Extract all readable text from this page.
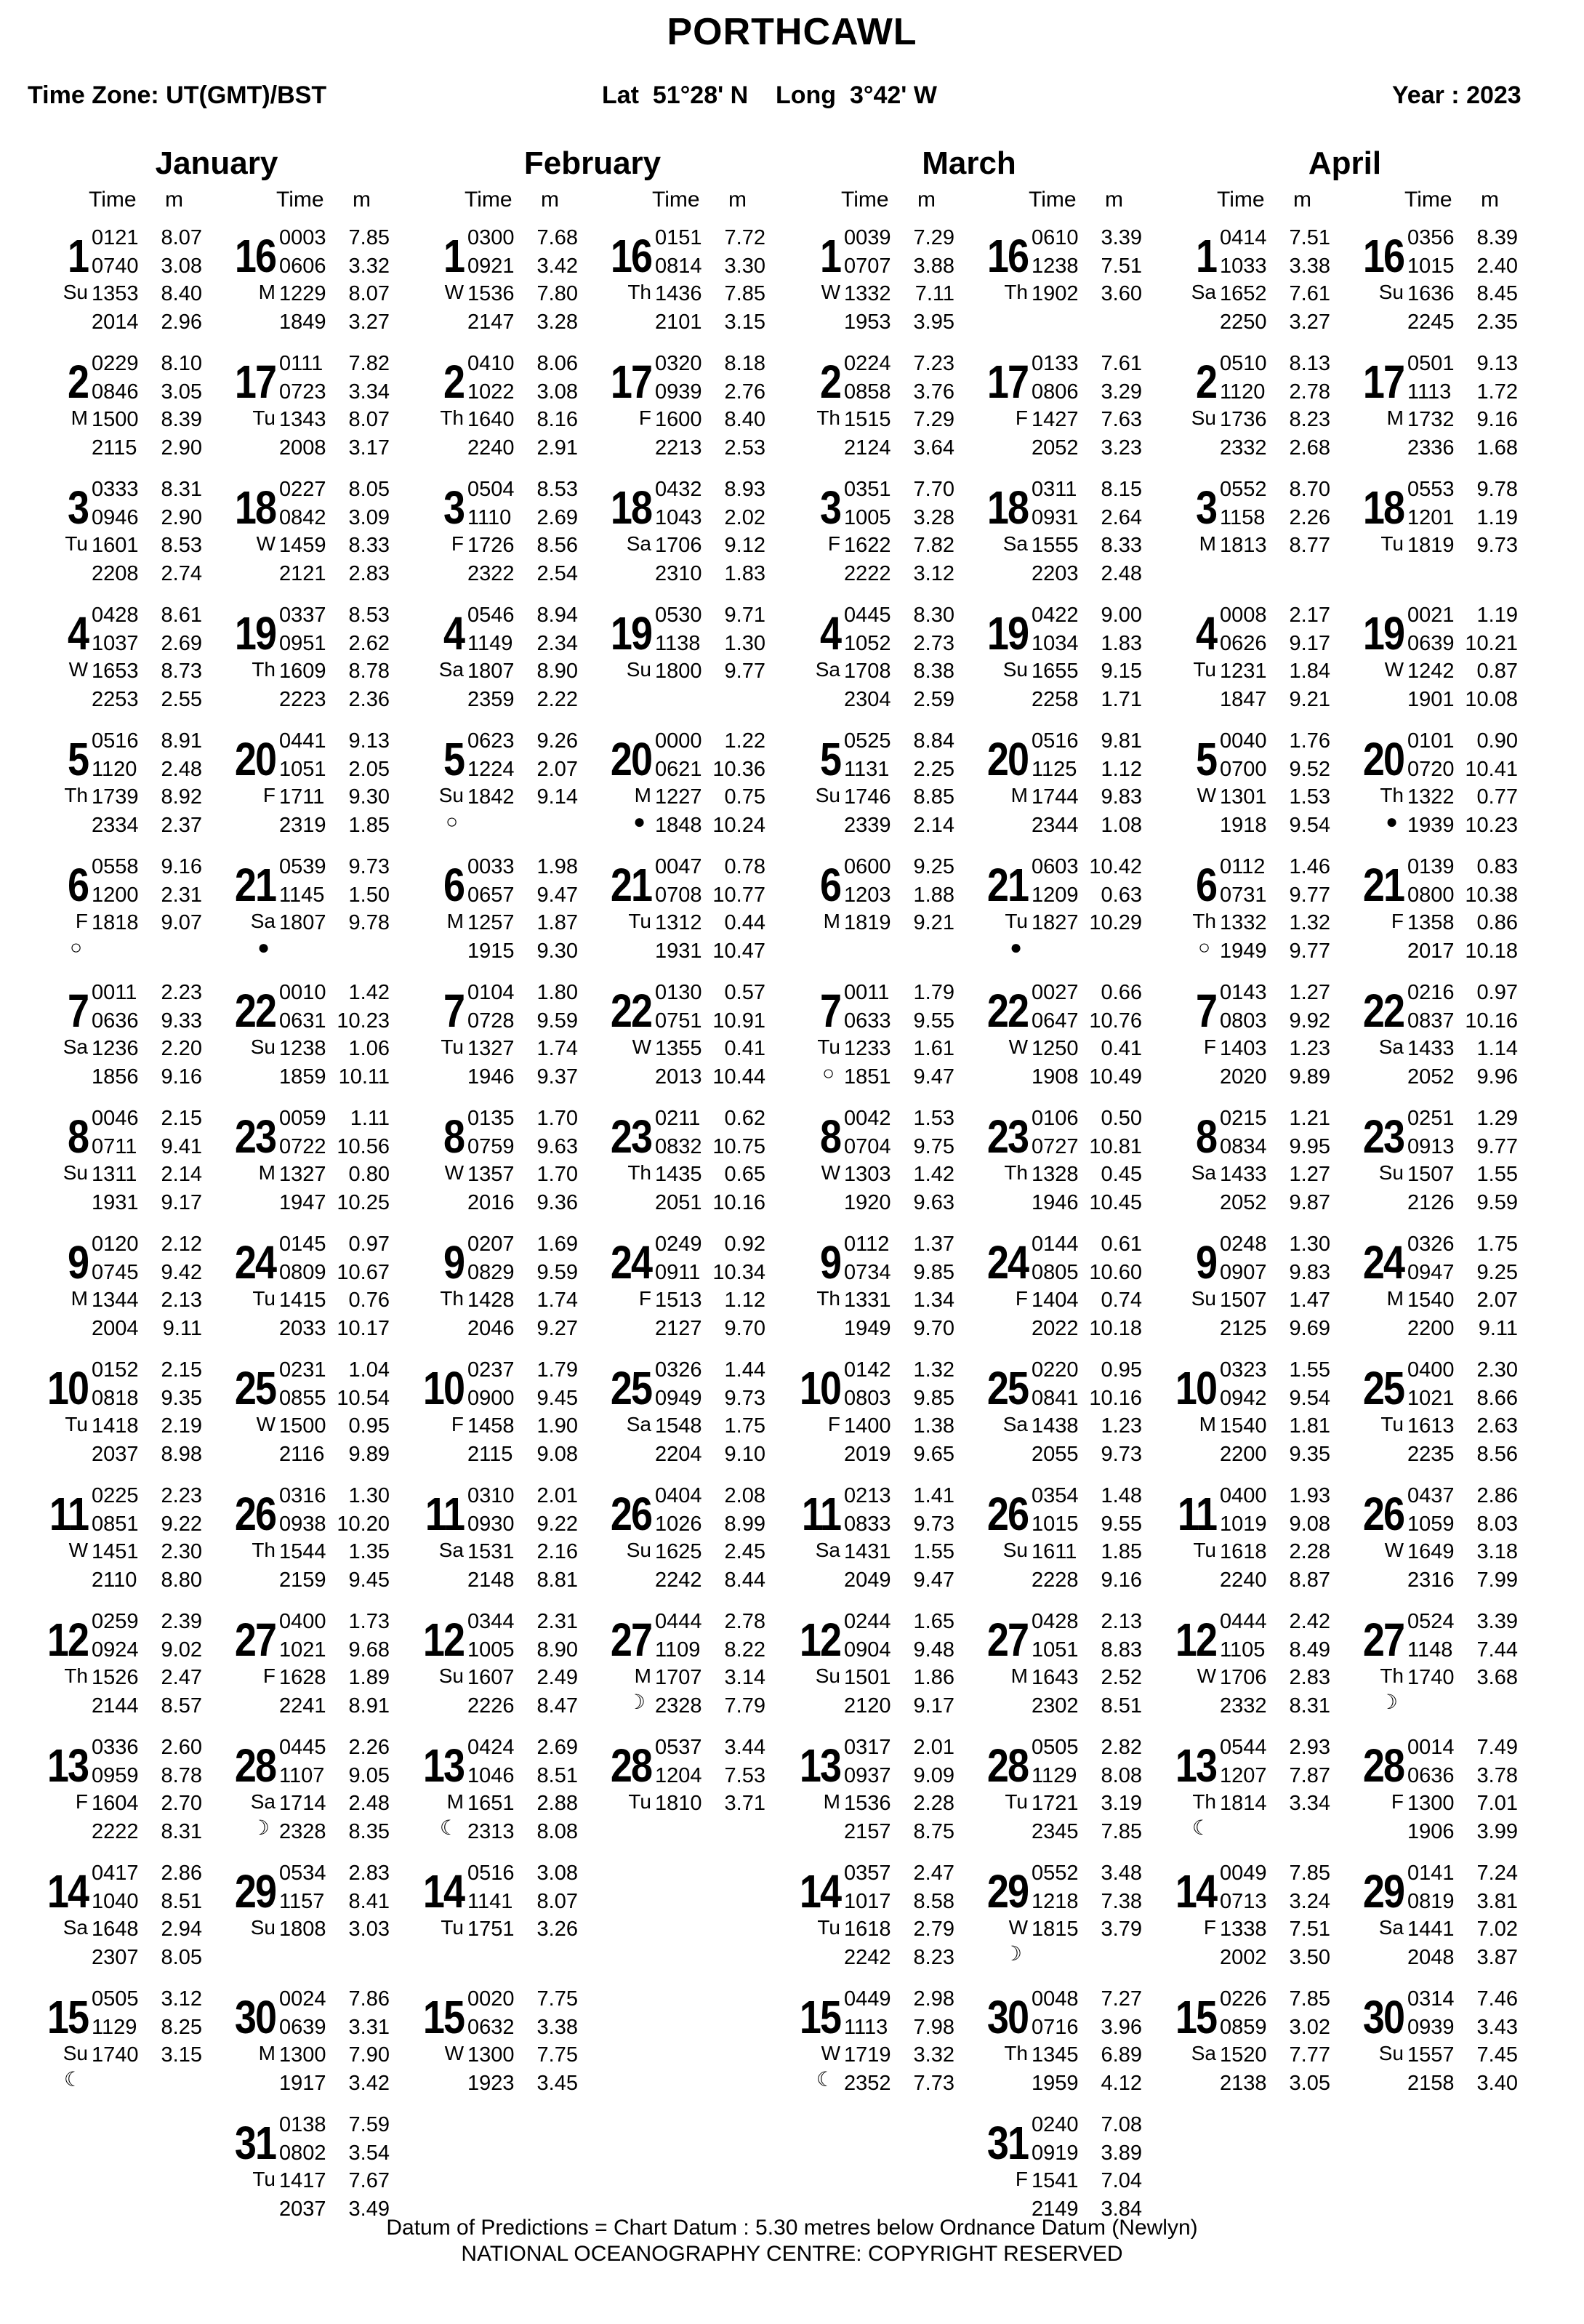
PORTHCAWL
Time Zone: UT(GMT)/BST	Lat  51°28' N    Long  3°42' W	Year : 2023
January
Time m
1
Su
0121 8.07
0740 3.08
1353 8.40
2014 2.96
2
M
0229 8.10
0846 3.05
1500 8.39
2115 2.90
3
Tu
0333 8.31
0946 2.90
1601 8.53
2208 2.74
4
W
0428 8.61
1037 2.69
1653 8.73
2253 2.55
5
Th
0516 8.91
1120 2.48
1739 8.92
2334 2.37
6
F
○
0558 9.16
1200 2.31
1818 9.07
7
Sa
0011 2.23
0636 9.33
1236 2.20
1856 9.16
8
Su
0046 2.15
0711 9.41
1311 2.14
1931 9.17
9
M
0120 2.12
0745 9.42
1344 2.13
2004 9.11
10
Tu
0152 2.15
0818 9.35
1418 2.19
2037 8.98
11
W
0225 2.23
0851 9.22
1451 2.30
2110 8.80
12
Th
0259 2.39
0924 9.02
1526 2.47
2144 8.57
13
F
0336 2.60
0959 8.78
1604 2.70
2222 8.31
14
Sa
0417 2.86
1040 8.51
1648 2.94
2307 8.05
15
Su
☾
0505 3.12
1129 8.25
1740 3.15
Time m
16
M
0003 7.85
0606 3.32
1229 8.07
1849 3.27
17
Tu
0111 7.82
0723 3.34
1343 8.07
2008 3.17
18
W
0227 8.05
0842 3.09
1459 8.33
2121 2.83
19
Th
0337 8.53
0951 2.62
1609 8.78
2223 2.36
20
F
0441 9.13
1051 2.05
1711 9.30
2319 1.85
21
Sa
●
0539 9.73
1145 1.50
1807 9.78
22
Su
0010 1.42
0631 10.23
1238 1.06
1859 10.11
23
M
0059 1.11
0722 10.56
1327 0.80
1947 10.25
24
Tu
0145 0.97
0809 10.67
1415 0.76
2033 10.17
25
W
0231 1.04
0855 10.54
1500 0.95
2116 9.89
26
Th
0316 1.30
0938 10.20
1544 1.35
2159 9.45
27
F
0400 1.73
1021 9.68
1628 1.89
2241 8.91
28
Sa
☽
0445 2.26
1107 9.05
1714 2.48
2328 8.35
29
Su
0534 2.83
1157 8.41
1808 3.03
30
M
0024 7.86
0639 3.31
1300 7.90
1917 3.42
31
Tu
0138 7.59
0802 3.54
1417 7.67
2037 3.49
February
Time m
1
W
0300 7.68
0921 3.42
1536 7.80
2147 3.28
2
Th
0410 8.06
1022 3.08
1640 8.16
2240 2.91
3
F
0504 8.53
1110 2.69
1726 8.56
2322 2.54
4
Sa
0546 8.94
1149 2.34
1807 8.90
2359 2.22
5
Su
○
0623 9.26
1224 2.07
1842 9.14
6
M
0033 1.98
0657 9.47
1257 1.87
1915 9.30
7
Tu
0104 1.80
0728 9.59
1327 1.74
1946 9.37
8
W
0135 1.70
0759 9.63
1357 1.70
2016 9.36
9
Th
0207 1.69
0829 9.59
1428 1.74
2046 9.27
10
F
0237 1.79
0900 9.45
1458 1.90
2115 9.08
11
Sa
0310 2.01
0930 9.22
1531 2.16
2148 8.81
12
Su
0344 2.31
1005 8.90
1607 2.49
2226 8.47
13
M
☾
0424 2.69
1046 8.51
1651 2.88
2313 8.08
14
Tu
0516 3.08
1141 8.07
1751 3.26
15
W
0020 7.75
0632 3.38
1300 7.75
1923 3.45
Time m
16
Th
0151 7.72
0814 3.30
1436 7.85
2101 3.15
17
F
0320 8.18
0939 2.76
1600 8.40
2213 2.53
18
Sa
0432 8.93
1043 2.02
1706 9.12
2310 1.83
19
Su
0530 9.71
1138 1.30
1800 9.77
20
M
●
0000 1.22
0621 10.36
1227 0.75
1848 10.24
21
Tu
0047 0.78
0708 10.77
1312 0.44
1931 10.47
22
W
0130 0.57
0751 10.91
1355 0.41
2013 10.44
23
Th
0211 0.62
0832 10.75
1435 0.65
2051 10.16
24
F
0249 0.92
0911 10.34
1513 1.12
2127 9.70
25
Sa
0326 1.44
0949 9.73
1548 1.75
2204 9.10
26
Su
0404 2.08
1026 8.99
1625 2.45
2242 8.44
27
M
☽
0444 2.78
1109 8.22
1707 3.14
2328 7.79
28
Tu
0537 3.44
1204 7.53
1810 3.71
March
Time m
1
W
0039 7.29
0707 3.88
1332 7.11
1953 3.95
2
Th
0224 7.23
0858 3.76
1515 7.29
2124 3.64
3
F
0351 7.70
1005 3.28
1622 7.82
2222 3.12
4
Sa
0445 8.30
1052 2.73
1708 8.38
2304 2.59
5
Su
0525 8.84
1131 2.25
1746 8.85
2339 2.14
6
M
0600 9.25
1203 1.88
1819 9.21
7
Tu
○
0011 1.79
0633 9.55
1233 1.61
1851 9.47
8
W
0042 1.53
0704 9.75
1303 1.42
1920 9.63
9
Th
0112 1.37
0734 9.85
1331 1.34
1949 9.70
10
F
0142 1.32
0803 9.85
1400 1.38
2019 9.65
11
Sa
0213 1.41
0833 9.73
1431 1.55
2049 9.47
12
Su
0244 1.65
0904 9.48
1501 1.86
2120 9.17
13
M
0317 2.01
0937 9.09
1536 2.28
2157 8.75
14
Tu
0357 2.47
1017 8.58
1618 2.79
2242 8.23
15
W
☾
0449 2.98
1113 7.98
1719 3.32
2352 7.73
Time m
16
Th
0610 3.39
1238 7.51
1902 3.60
17
F
0133 7.61
0806 3.29
1427 7.63
2052 3.23
18
Sa
0311 8.15
0931 2.64
1555 8.33
2203 2.48
19
Su
0422 9.00
1034 1.83
1655 9.15
2258 1.71
20
M
0516 9.81
1125 1.12
1744 9.83
2344 1.08
21
Tu
●
0603 10.42
1209 0.63
1827 10.29
22
W
0027 0.66
0647 10.76
1250 0.41
1908 10.49
23
Th
0106 0.50
0727 10.81
1328 0.45
1946 10.45
24
F
0144 0.61
0805 10.60
1404 0.74
2022 10.18
25
Sa
0220 0.95
0841 10.16
1438 1.23
2055 9.73
26
Su
0354 1.48
1015 9.55
1611 1.85
2228 9.16
27
M
0428 2.13
1051 8.83
1643 2.52
2302 8.51
28
Tu
0505 2.82
1129 8.08
1721 3.19
2345 7.85
29
W
☽
0552 3.48
1218 7.38
1815 3.79
30
Th
0048 7.27
0716 3.96
1345 6.89
1959 4.12
31
F
0240 7.08
0919 3.89
1541 7.04
2149 3.84
April
Time m
1
Sa
0414 7.51
1033 3.38
1652 7.61
2250 3.27
2
Su
0510 8.13
1120 2.78
1736 8.23
2332 2.68
3
M
0552 8.70
1158 2.26
1813 8.77
4
Tu
0008 2.17
0626 9.17
1231 1.84
1847 9.21
5
W
0040 1.76
0700 9.52
1301 1.53
1918 9.54
6
Th
○
0112 1.46
0731 9.77
1332 1.32
1949 9.77
7
F
0143 1.27
0803 9.92
1403 1.23
2020 9.89
8
Sa
0215 1.21
0834 9.95
1433 1.27
2052 9.87
9
Su
0248 1.30
0907 9.83
1507 1.47
2125 9.69
10
M
0323 1.55
0942 9.54
1540 1.81
2200 9.35
11
Tu
0400 1.93
1019 9.08
1618 2.28
2240 8.87
12
W
0444 2.42
1105 8.49
1706 2.83
2332 8.31
13
Th
☾
0544 2.93
1207 7.87
1814 3.34
14
F
0049 7.85
0713 3.24
1338 7.51
2002 3.50
15
Sa
0226 7.85
0859 3.02
1520 7.77
2138 3.05
Time m
16
Su
0356 8.39
1015 2.40
1636 8.45
2245 2.35
17
M
0501 9.13
1113 1.72
1732 9.16
2336 1.68
18
Tu
0553 9.78
1201 1.19
1819 9.73
19
W
0021 1.19
0639 10.21
1242 0.87
1901 10.08
20
Th
●
0101 0.90
0720 10.41
1322 0.77
1939 10.23
21
F
0139 0.83
0800 10.38
1358 0.86
2017 10.18
22
Sa
0216 0.97
0837 10.16
1433 1.14
2052 9.96
23
Su
0251 1.29
0913 9.77
1507 1.55
2126 9.59
24
M
0326 1.75
0947 9.25
1540 2.07
2200 9.11
25
Tu
0400 2.30
1021 8.66
1613 2.63
2235 8.56
26
W
0437 2.86
1059 8.03
1649 3.18
2316 7.99
27
Th
☽
0524 3.39
1148 7.44
1740 3.68
28
F
0014 7.49
0636 3.78
1300 7.01
1906 3.99
29
Sa
0141 7.24
0819 3.81
1441 7.02
2048 3.87
30
Su
0314 7.46
0939 3.43
1557 7.45
2158 3.40
Datum of Predictions = Chart Datum : 5.30 metres below Ordnance Datum (Newlyn)
NATIONAL OCEANOGRAPHY CENTRE: COPYRIGHT RESERVED
